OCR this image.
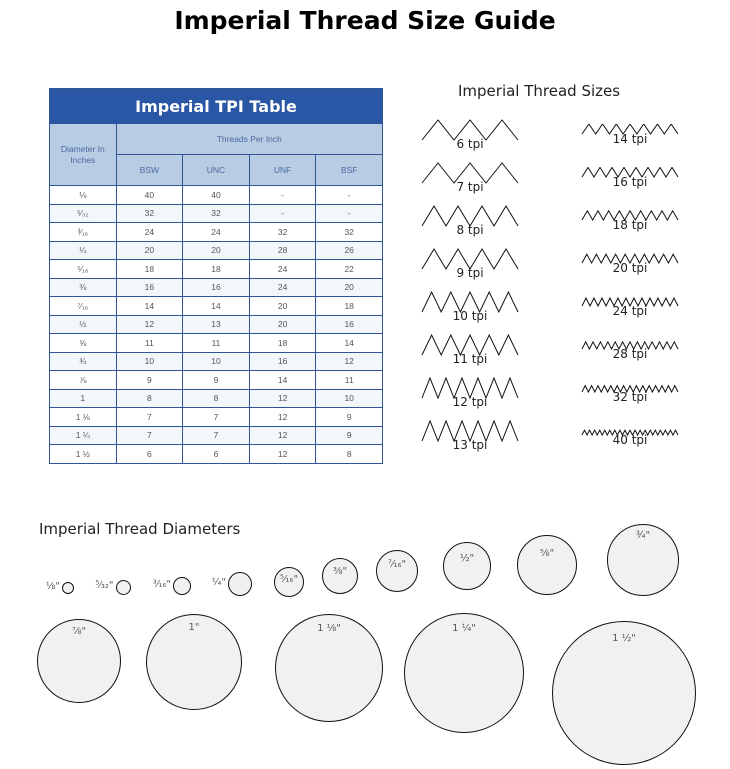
Imperial Thread Size Guide
Imperial TPI Table				
Diameter In Inches	Threads Per Inch			
	BSW	UNC	UNF	BSF
⅛	40	40	-	-
⁵⁄₃₂	32	32	-	-
³⁄₁₆	24	24	32	32
¼	20	20	28	26
⁵⁄₁₆	18	18	24	22
⅜	16	16	24	20
⁷⁄₁₆	14	14	20	18
½	12	13	20	16
⅝	11	11	18	14
¾	10	10	16	12
⅞	9	9	14	11
1	8	8	12	10
1 ⅛	7	7	12	9
1 ¼	7	7	12	9
1 ½	6	6	12	8
Imperial Thread Sizes
6 tpi
7 tpi
8 tpi
9 tpi
10 tpi
11 tpi
12 tpi
13 tpi
14 tpi
16 tpi
18 tpi
20 tpi
24 tpi
28 tpi
32 tpi
40 tpi
Imperial Thread Diameters
⅛"	⁵⁄₃₂"	³⁄₁₆"	¼"	⁵⁄₁₆"
⅜"
⁷⁄₁₆"
½"	⅝"
¾"
⅞"	1"	1 ⅛"	1 ¼"
1 ½"
